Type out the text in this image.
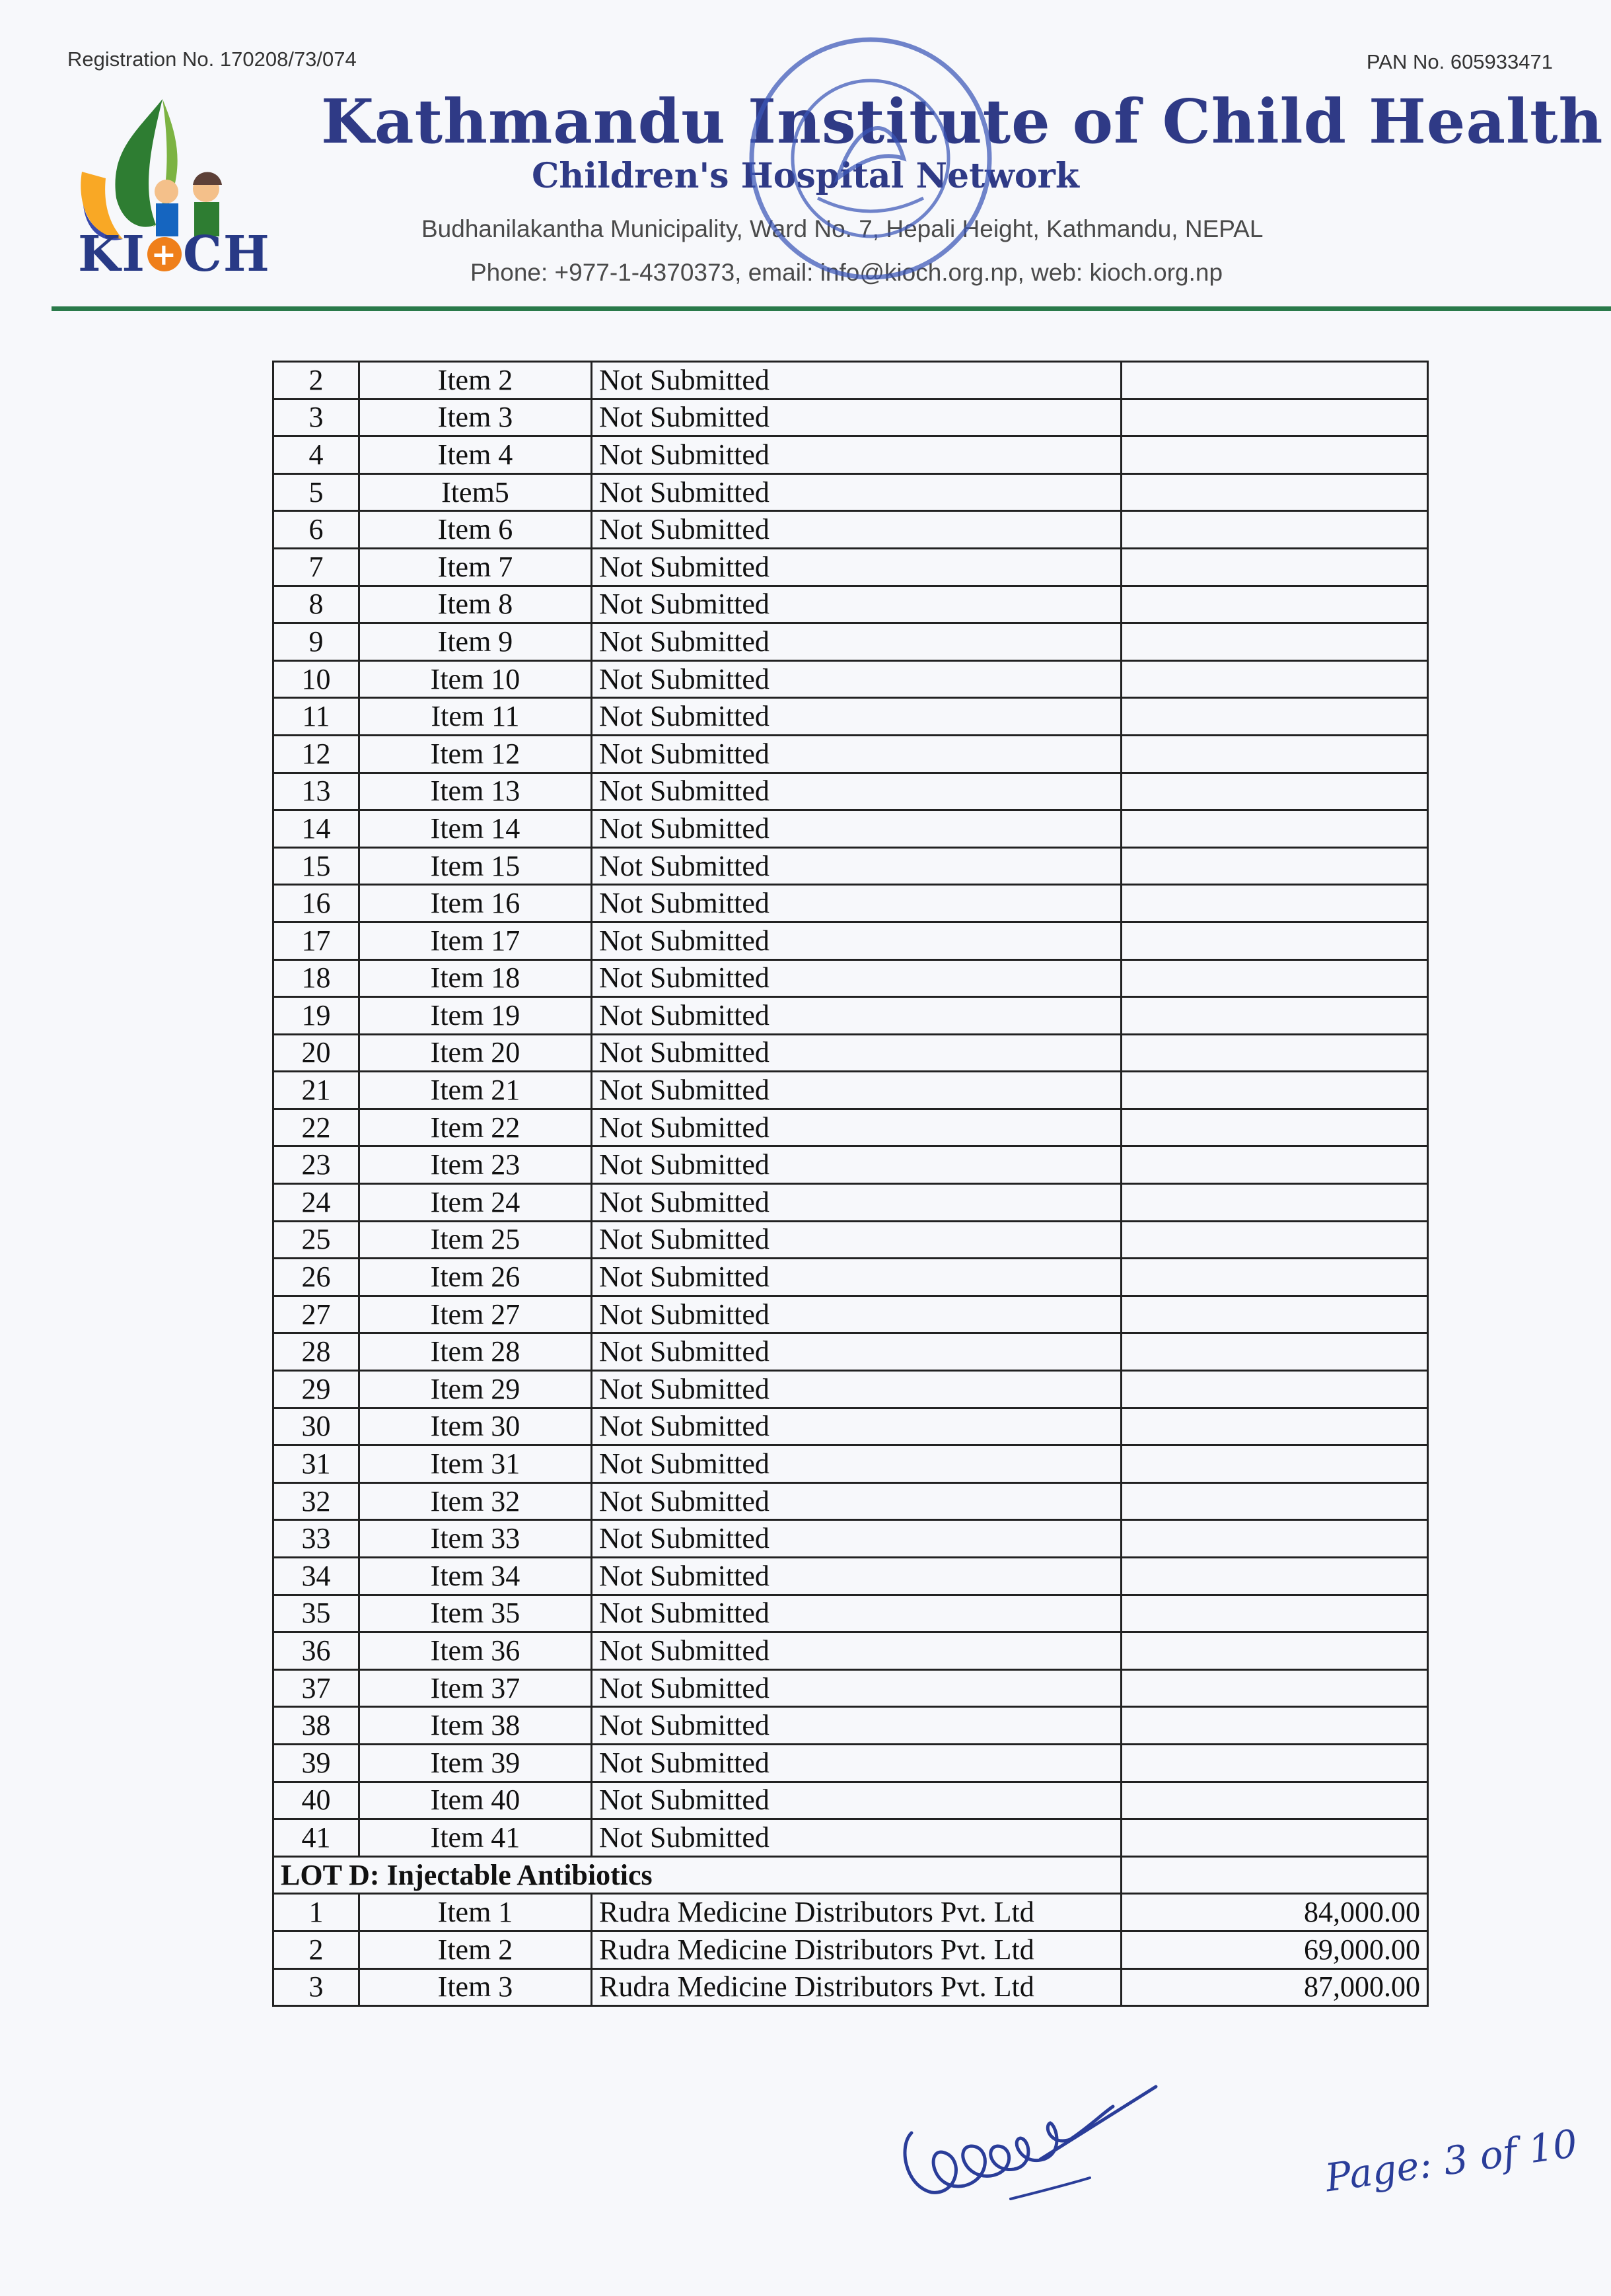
Registration No. 170208/73/074	PAN No. 605933471
KI + CH
Kathmandu Institute of Child Health
Children's Hospital Network
Budhanilakantha Municipality, Ward No. 7, Hepali Height, Kathmandu, NEPAL
Phone: +977-1-4370373, email: info@kioch.org.np, web: kioch.org.np
2	Item 2	Not Submitted	
3	Item 3	Not Submitted	
4	Item 4	Not Submitted	
5	Item5	Not Submitted	
6	Item 6	Not Submitted	
7	Item 7	Not Submitted	
8	Item 8	Not Submitted	
9	Item 9	Not Submitted	
10	Item 10	Not Submitted	
11	Item 11	Not Submitted	
12	Item 12	Not Submitted	
13	Item 13	Not Submitted	
14	Item 14	Not Submitted	
15	Item 15	Not Submitted	
16	Item 16	Not Submitted	
17	Item 17	Not Submitted	
18	Item 18	Not Submitted	
19	Item 19	Not Submitted	
20	Item 20	Not Submitted	
21	Item 21	Not Submitted	
22	Item 22	Not Submitted	
23	Item 23	Not Submitted	
24	Item 24	Not Submitted	
25	Item 25	Not Submitted	
26	Item 26	Not Submitted	
27	Item 27	Not Submitted	
28	Item 28	Not Submitted	
29	Item 29	Not Submitted	
30	Item 30	Not Submitted	
31	Item 31	Not Submitted	
32	Item 32	Not Submitted	
33	Item 33	Not Submitted	
34	Item 34	Not Submitted	
35	Item 35	Not Submitted	
36	Item 36	Not Submitted	
37	Item 37	Not Submitted	
38	Item 38	Not Submitted	
39	Item 39	Not Submitted	
40	Item 40	Not Submitted	
41	Item 41	Not Submitted	
LOT D: Injectable Antibiotics			
1	Item 1	Rudra Medicine Distributors Pvt. Ltd	84,000.00
2	Item 2	Rudra Medicine Distributors Pvt. Ltd	69,000.00
3	Item 3	Rudra Medicine Distributors Pvt. Ltd	87,000.00
Page: 3 of 10
